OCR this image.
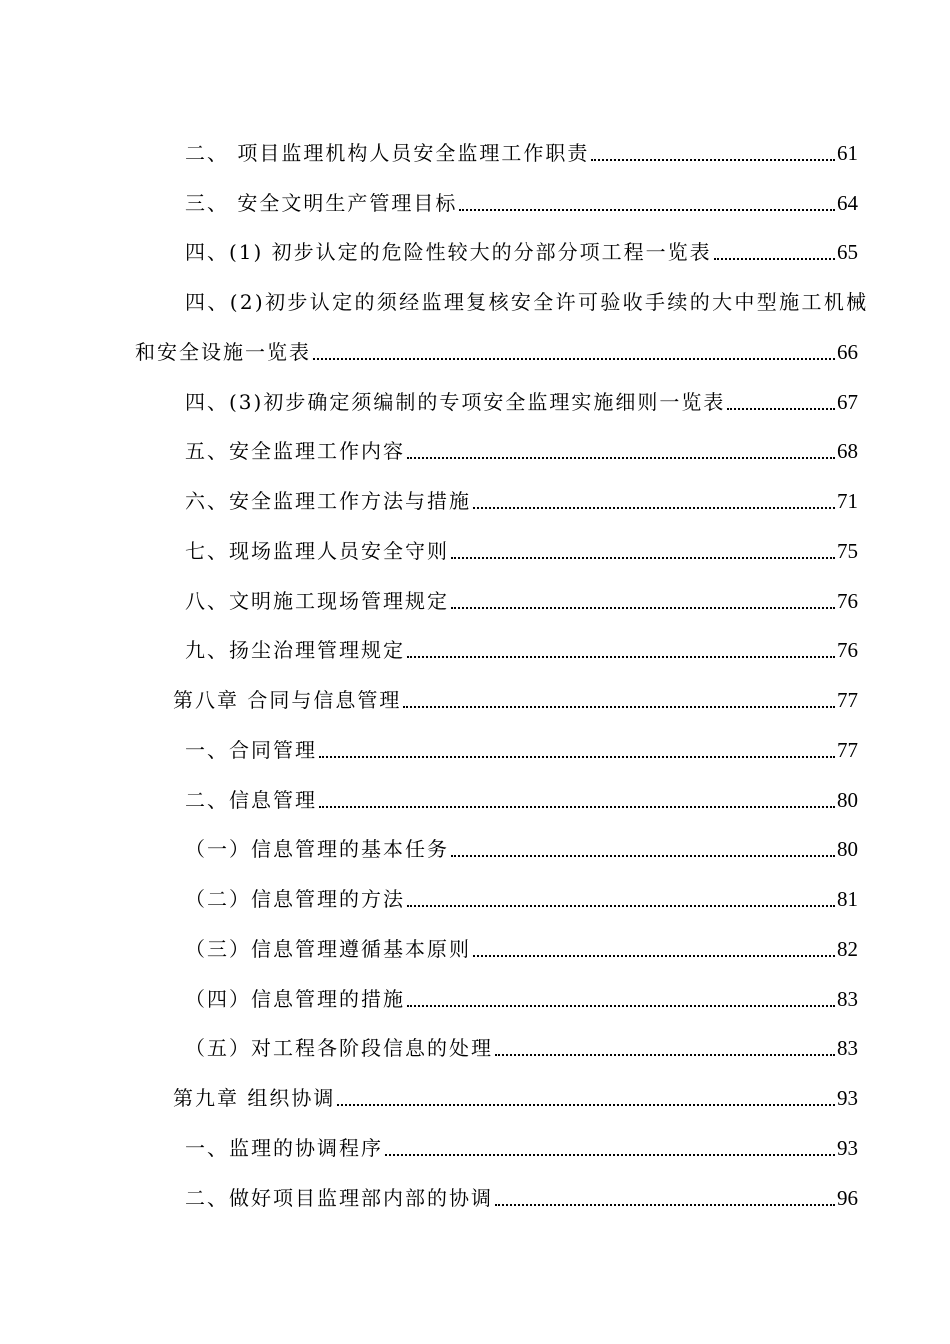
二、 项目监理机构人员安全监理工作职责	61
三、 安全文明生产管理目标	64
四、(1) 初步认定的危险性较大的分部分项工程一览表	65
四、(2)初步认定的须经监理复核安全许可验收手续的大中型施工机械
和安全设施一览表	66
四、(3)初步确定须编制的专项安全监理实施细则一览表	67
五、安全监理工作内容	68
六、安全监理工作方法与措施	71
七、现场监理人员安全守则	75
八、文明施工现场管理规定	76
九、扬尘治理管理规定	76
第八章 合同与信息管理	77
一、合同管理	77
二、信息管理	80
（一）信息管理的基本任务	80
（二）信息管理的方法	81
（三）信息管理遵循基本原则	82
（四）信息管理的措施	83
（五）对工程各阶段信息的处理	83
第九章 组织协调	93
一、监理的协调程序	93
二、做好项目监理部内部的协调	96
